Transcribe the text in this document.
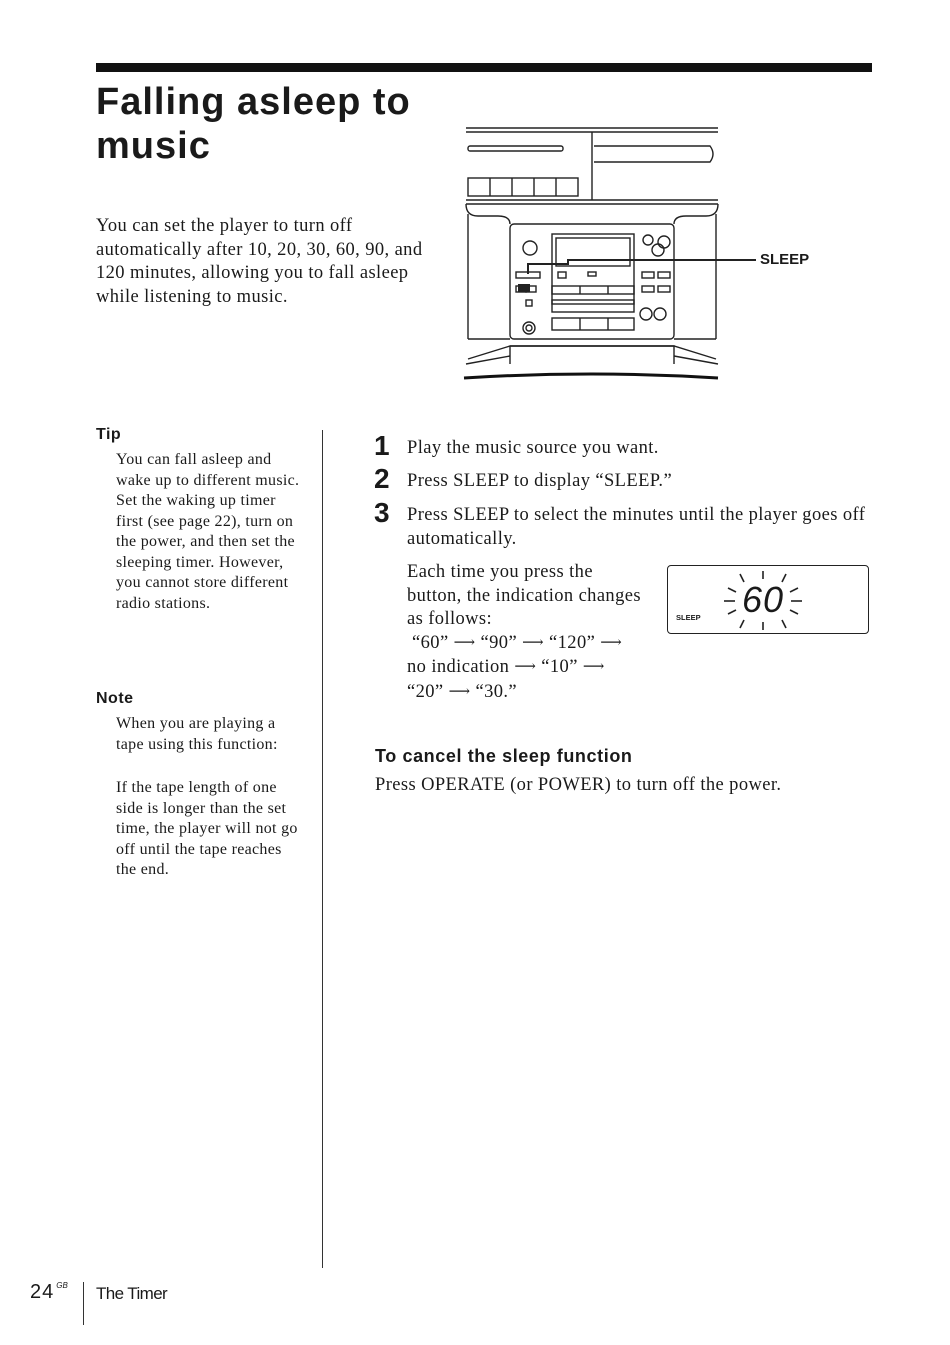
Falling asleep to music
You can set the player to turn off automatically after 10, 20, 30, 60, 90, and 120 minutes, allowing you to fall asleep while listening to music.
SLEEP
Tip
You can fall asleep and wake up to different music. Set the waking up timer first (see page 22), turn on the power, and then set the sleeping timer. However, you cannot store different radio stations.
Note
When you are playing a tape using this function:
If the tape length of one side is longer than the set time, the player will not go off until the tape reaches the end.
1 Play the music source you want.
2 Press SLEEP to display “SLEEP.”
3 Press SLEEP to select the minutes until the player goes off automatically.
Each time you press the button, the indication changes as follows:
“60” ⟶ “90” ⟶ “120” ⟶
no indication ⟶ “10” ⟶
“20” ⟶ “30.”
SLEEP 60
To cancel the sleep function
Press OPERATE (or POWER) to turn off the power.
24 $^{GB}$ The Timer
